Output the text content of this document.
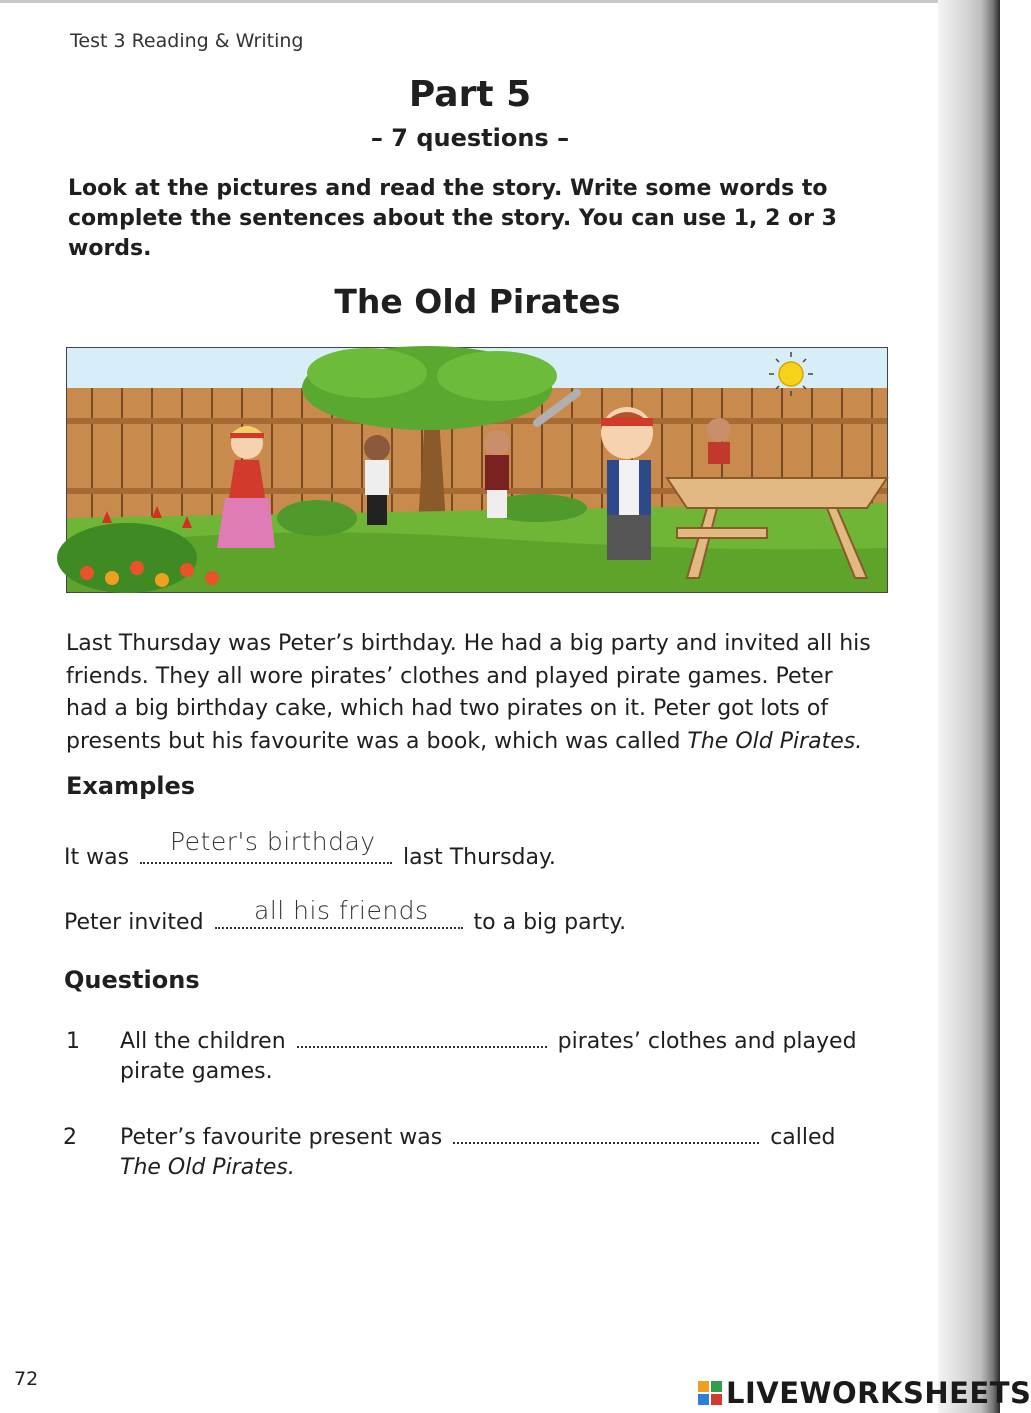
Test 3 Reading & Writing
Part 5
– 7 questions –
Look at the pictures and read the story. Write some words to complete the sentences about the story. You can use 1, 2 or 3 words.
The Old Pirates
Last Thursday was Peter’s birthday. He had a big party and invited all his friends. They all wore pirates’ clothes and played pirate games. Peter had a big birthday cake, which had two pirates on it. Peter got lots of presents but his favourite was a book, which was called The Old Pirates.
Examples
It was	last Thursday.
Peter's birthday
Peter invited	to a big party.
all his friends
Questions
1 All the children	pirates’ clothes and played
pirate games.
2 Peter’s favourite present was	called
The Old Pirates.
72	LIVEWORKSHEETS
